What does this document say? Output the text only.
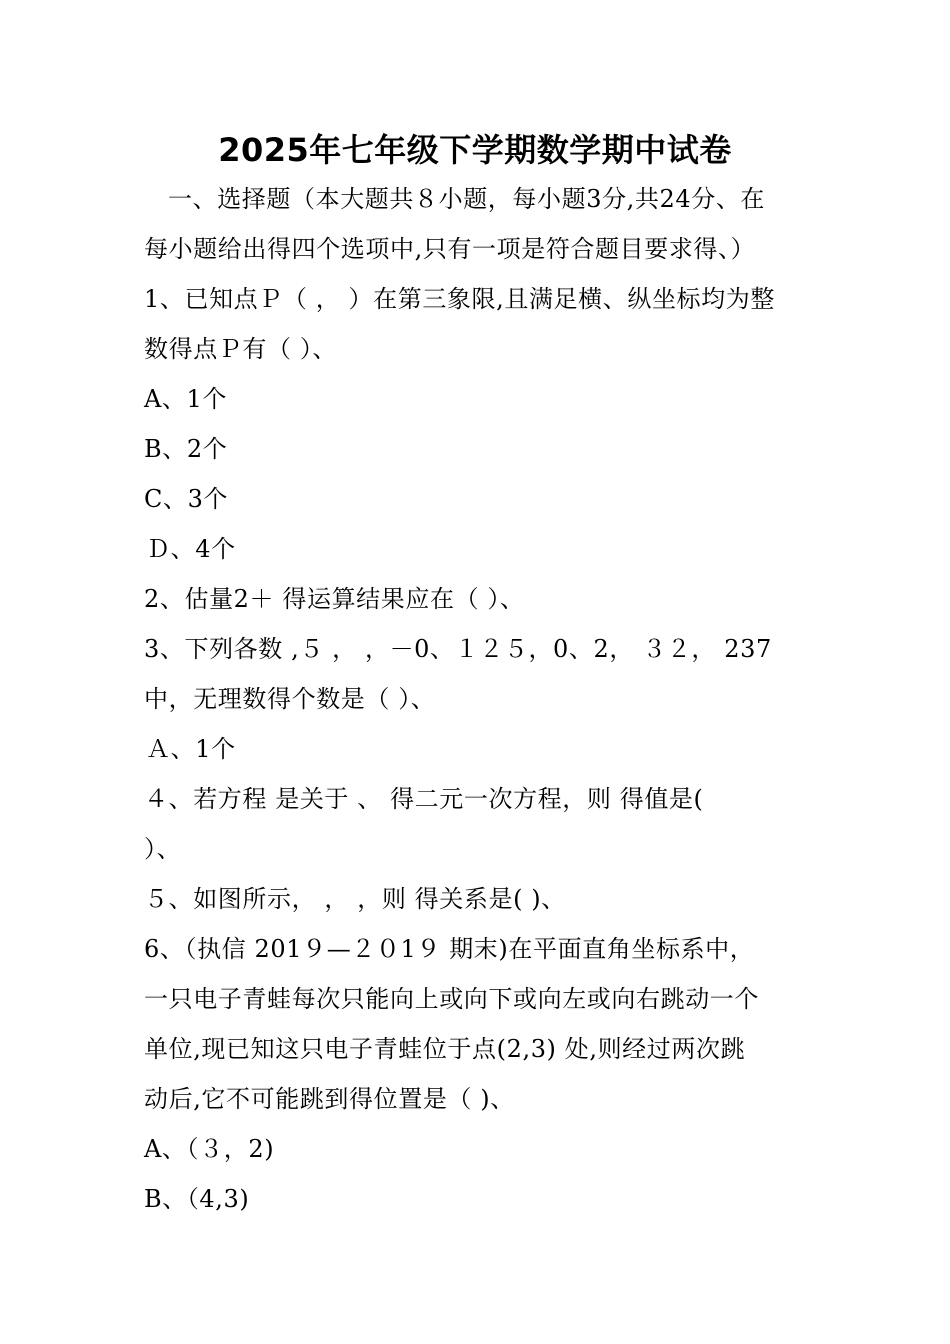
2025年七年级下学期数学期中试卷
一、选择题（本大题共８小题，每小题3分,共24分、在
每小题给出得四个选项中,只有一项是符合题目要求得、）
1、已知点Ｐ（ ， ）在第三象限,且满足横、纵坐标均为整
数得点Ｐ有（ ）、
A、1个
B、2个
C、3个
Ｄ、4个
2、估量2＋ 得运算结果应在（ ）、
3、下列各数 ,５ ， ，－0、１２５，0、2， ３２， 237
中，无理数得个数是（ ）、
Ａ、1个
４、若方程 是关于 、 得二元一次方程，则 得值是(
）、
５、如图所示， ， ，则 得关系是( )、
6、（执信 201９—２０1９ 期末)在平面直角坐标系中，
一只电子青蛙每次只能向上或向下或向左或向右跳动一个
单位,现已知这只电子青蛙位于点(2,3) 处,则经过两次跳
动后,它不可能跳到得位置是（ )、
A、（３，2)
B、（4,3)
